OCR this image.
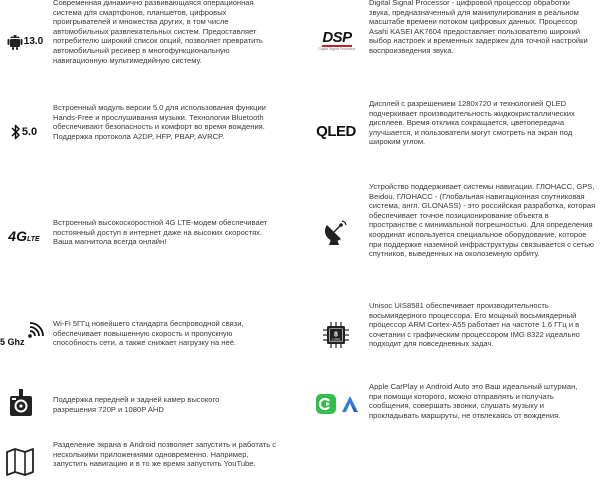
13.0
Современная динамично развивающаяся операционная система для смартфонов, планшетов, цифровых проигрывателей и множества других, в том числе автомобильных развлекательных систем. Предоставляет потребителю широкий список опций, позволяет превратить автомобильный ресивер в многофункциональную навигационную мультимедийную систему.
DSP
Digital Signal Processor
Digital Signal Processor - цифровой процессор обработки звука, предназначенный для манипулирования в реальном масштабе времени потоком цифровых данных. Процессор Asahi KASEI AK7604 предоставляет пользователю широкий выбор настроек и временных задержек для точной настройки воспроизведения звука.
5.0
Встроенный модуль версии 5.0 для использования функции Hands-Free и прослушивания музыки. Технологии Bluetooth обеспечивают безопасность и комфорт во время вождения. Поддержка протокола A2DP, HFP, PBAP, AVRCP.	QLED
Дисплей с разрешением 1280x720 и технологией QLED подчеркивает производительность жидкокристаллических дисплеев. Время отклика сокращается, цветопередача улучшается, и пользователи могут смотреть на экран под широким углом.
4G LTE
Встроенный высокоскоростной 4G LTE-модем обеспечивает постоянный доступ в интернет даже на высоких скоростях. Ваша магнитола всегда онлайн!
Устройство поддерживает системы навигации. ГЛОНАСС, GPS, Beidou. ГЛОНАСС - (Глобальная навигационная спутниковая система, англ. GLONASS) - это российская разработка, которая обеспечивает точное позиционирование объекта в пространстве с минимальной погрешностью. Для определения координат используется специальное оборудование, которое при поддержке наземной инфраструктуры связывается с сетью спутников, выведенных на околоземную орбиту.
5 Ghz
Wi-Fi 5ГГц новейшего стандарта беспроводной связи, обеспечивает повышенную скорость и пропускную способность сети, а также снижает нагрузку на неё.
8
CORE
Unisoc UIS8581 обеспечивает производительность восьмиядерного процессора. Его мощный восьмиядерный процессор ARM Cortex-A55 работает на частоте 1.6 ГГц и в сочетании с графическим процессором IMG 8322 идеально подходит для повседневных задач.
Поддержка передней и задней камер высокого разрешения 720P и 1080P AHD
Apple CarPlay и Android Auto это Ваш идеальный штурман, при помощи которого, можно отправлять и получать сообщения, совершать звонки, слушать музыку и прокладывать маршруты, не отвлекаясь от вождения.
Разделение экрана в Android позволяет запустить и работать с несколькими приложениями одновременно. Например, запустить навигацию и в то же время запустить YouTube.
